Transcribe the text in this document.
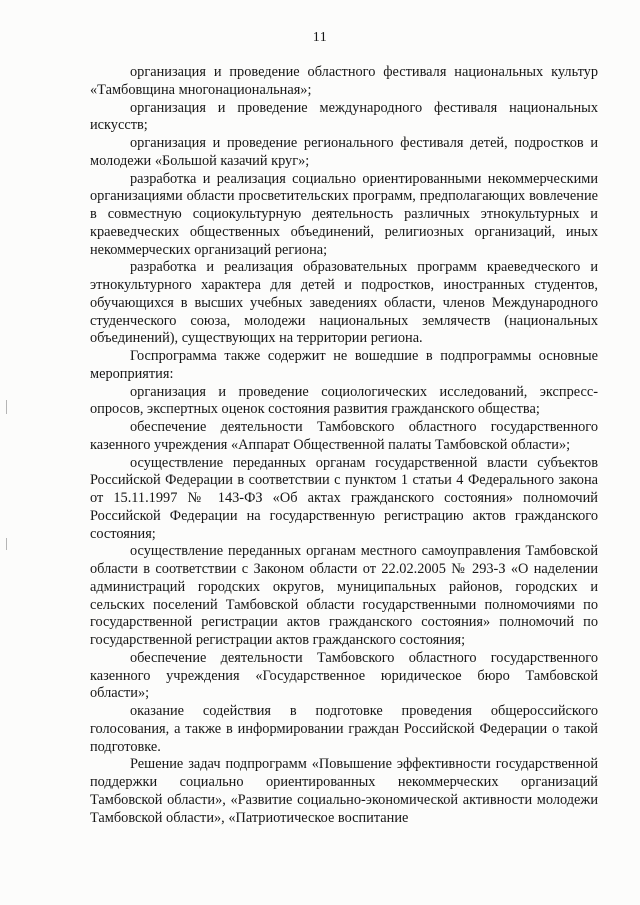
11

организация и проведение областного фестиваля национальных культур «Тамбовщина многонациональная»;

организация и проведение международного фестиваля национальных искусств;

организация и проведение регионального фестиваля детей, подростков и молодежи «Большой казачий круг»;

разработка и реализация социально ориентированными некоммерческими организациями области просветительских программ, предполагающих вовлечение в совместную социокультурную деятельность различных этнокультурных и краеведческих общественных объединений, религиозных организаций, иных некоммерческих организаций региона;

разработка и реализация образовательных программ краеведческого и этнокультурного характера для детей и подростков, иностранных студентов, обучающихся в высших учебных заведениях области, членов Международного студенческого союза, молодежи национальных землячеств (национальных объединений), существующих на территории региона.

Госпрограмма также содержит не вошедшие в подпрограммы основные мероприятия:

организация и проведение социологических исследований, экспресс-опросов, экспертных оценок состояния развития гражданского общества;

обеспечение деятельности Тамбовского областного государственного казенного учреждения «Аппарат Общественной палаты Тамбовской области»;

осуществление переданных органам государственной власти субъектов Российской Федерации в соответствии с пунктом 1 статьи 4 Федерального закона от 15.11.1997 № 143-ФЗ «Об актах гражданского состояния» полномочий Российской Федерации на государственную регистрацию актов гражданского состояния;

осуществление переданных органам местного самоуправления Тамбовской области в соответствии с Законом области от 22.02.2005 № 293-З «О наделении администраций городских округов, муниципальных районов, городских и сельских поселений Тамбовской области государственными полномочиями по государственной регистрации актов гражданского состояния» полномочий по государственной регистрации актов гражданского состояния;

обеспечение деятельности Тамбовского областного государственного казенного учреждения «Государственное юридическое бюро Тамбовской области»;

оказание содействия в подготовке проведения общероссийского голосования, а также в информировании граждан Российской Федерации о такой подготовке.

Решение задач подпрограмм «Повышение эффективности государственной поддержки социально ориентированных некоммерческих организаций Тамбовской области», «Развитие социально-экономической активности молодежи Тамбовской области», «Патриотическое воспитание
